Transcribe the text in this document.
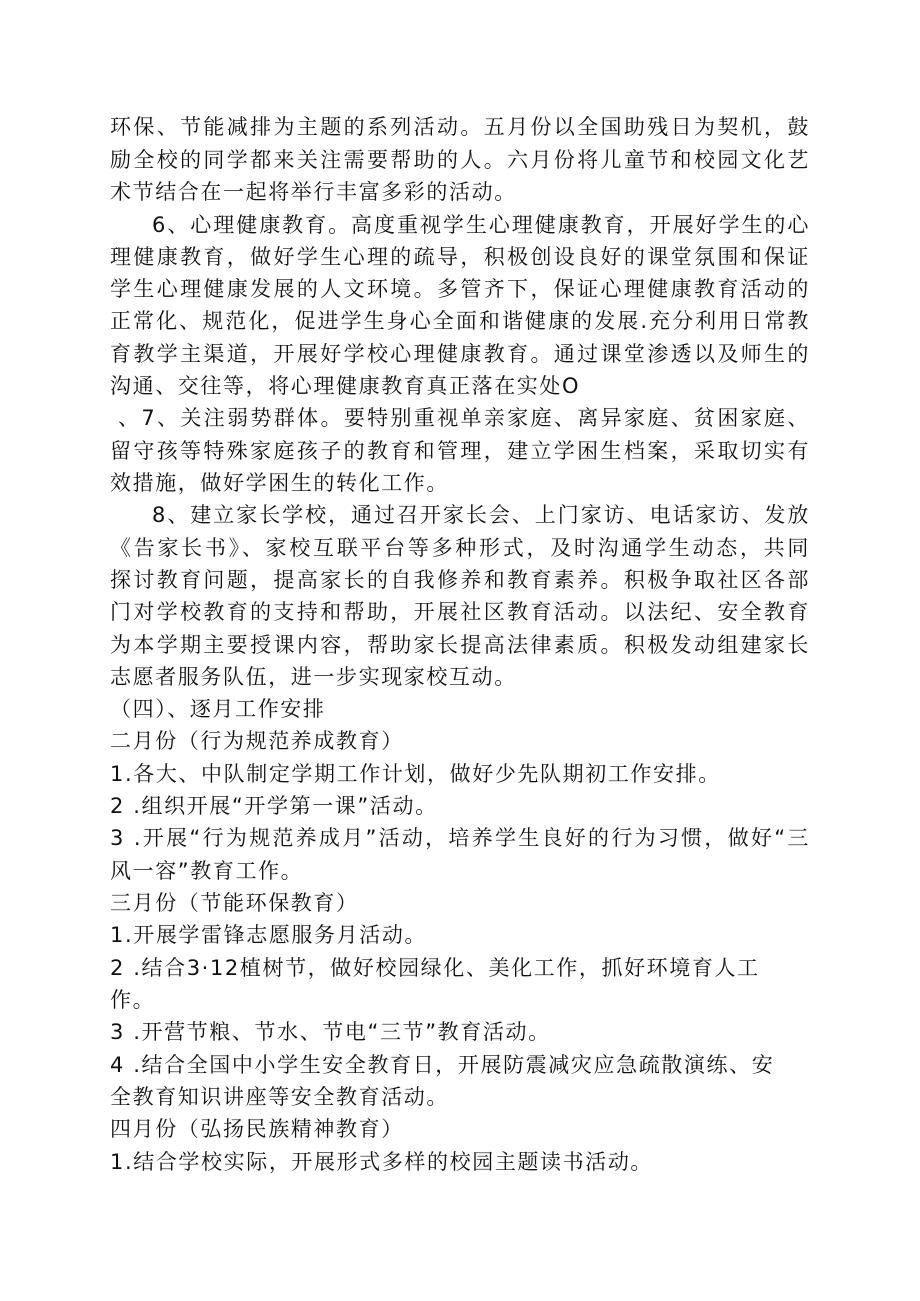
环保、节能减排为主题的系列活动。五月份以全国助残日为契机，鼓
励全校的同学都来关注需要帮助的人。六月份将儿童节和校园文化艺
术节结合在一起将举行丰富多彩的活动。
6、心理健康教育。高度重视学生心理健康教育，开展好学生的心
理健康教育，做好学生心理的疏导，积极创设良好的课堂氛围和保证
学生心理健康发展的人文环境。多管齐下，保证心理健康教育活动的
正常化、规范化，促进学生身心全面和谐健康的发展.充分利用日常教
育教学主渠道，开展好学校心理健康教育。通过课堂渗透以及师生的
沟通、交往等，将心理健康教育真正落在实处O
、7、关注弱势群体。要特别重视单亲家庭、离异家庭、贫困家庭、
留守孩等特殊家庭孩子的教育和管理，建立学困生档案，采取切实有
效措施，做好学困生的转化工作。
8、建立家长学校，通过召开家长会、上门家访、电话家访、发放
《告家长书》、家校互联平台等多种形式，及时沟通学生动态，共同
探讨教育问题，提高家长的自我修养和教育素养。积极争取社区各部
门对学校教育的支持和帮助，开展社区教育活动。以法纪、安全教育
为本学期主要授课内容，帮助家长提高法律素质。积极发动组建家长
志愿者服务队伍，进一步实现家校互动。
（四）、逐月工作安排
二月份（行为规范养成教育）
1.各大、中队制定学期工作计划，做好少先队期初工作安排。
2 .组织开展“开学第一课”活动。
3 .开展“行为规范养成月”活动，培养学生良好的行为习惯，做好“三
风一容”教育工作。
三月份（节能环保教育）
1.开展学雷锋志愿服务月活动。
2 .结合3·12植树节，做好校园绿化、美化工作，抓好环境育人工
作。
3 .开营节粮、节水、节电“三节”教育活动。
4 .结合全国中小学生安全教育日，开展防震减灾应急疏散演练、安
全教育知识讲座等安全教育活动。
四月份（弘扬民族精神教育）
1.结合学校实际，开展形式多样的校园主题读书活动。
